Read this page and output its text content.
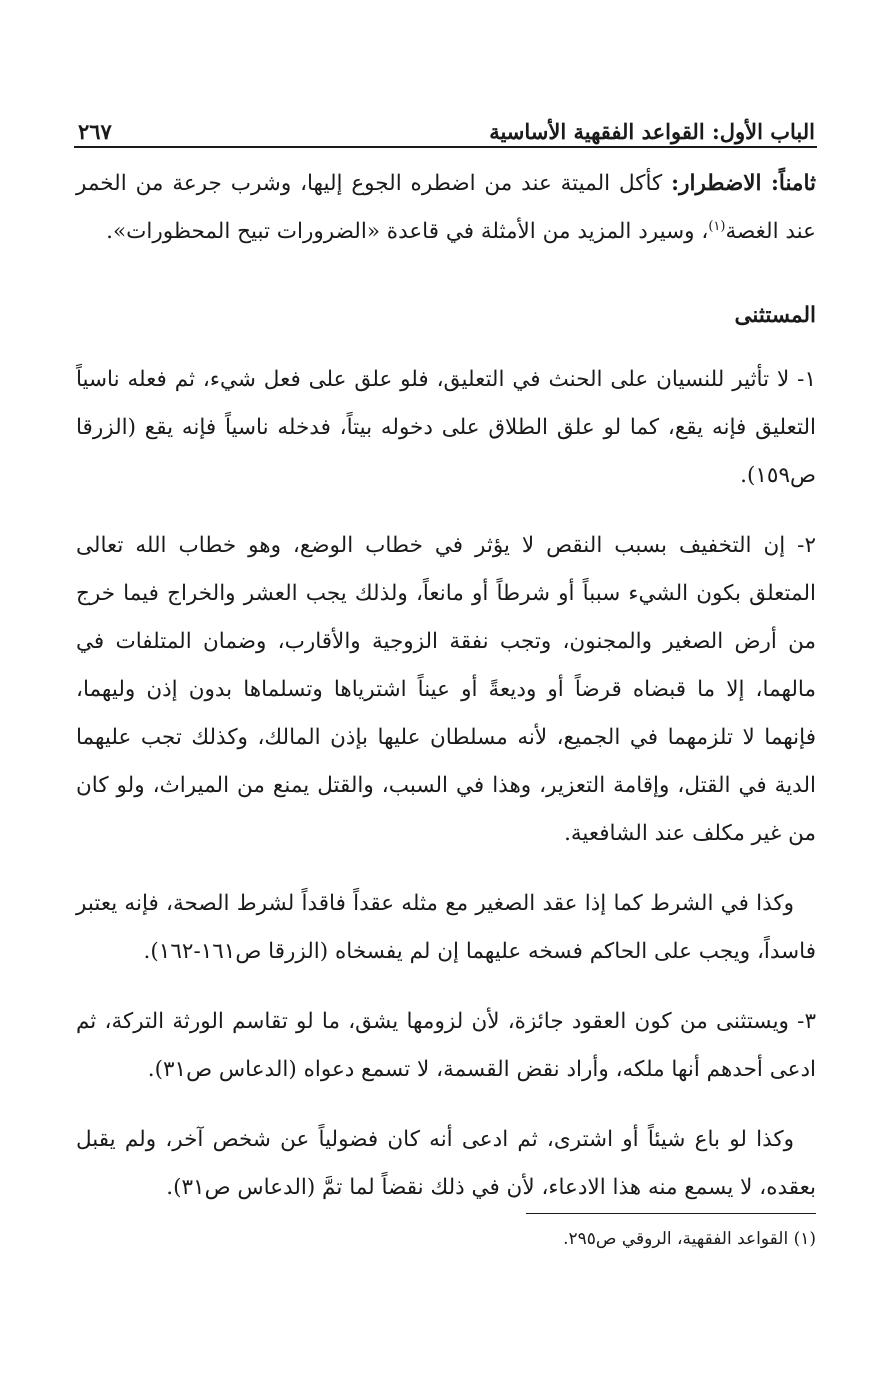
الباب الأول: القواعد الفقهية الأساسية
٢٦٧

ثامناً: الاضطرار: كأكل الميتة عند من اضطره الجوع إليها، وشرب جرعة من الخمر عند الغصة$^{(١)}$، وسيرد المزيد من الأمثلة في قاعدة «الضرورات تبيح المحظورات».

المستثنى

١- لا تأثير للنسيان على الحنث في التعليق، فلو علق على فعل شيء، ثم فعله ناسياً التعليق فإنه يقع، كما لو علق الطلاق على دخوله بيتاً، فدخله ناسياً فإنه يقع (الزرقا ص١٥٩).

٢- إن التخفيف بسبب النقص لا يؤثر في خطاب الوضع، وهو خطاب الله تعالى المتعلق بكون الشيء سبباً أو شرطاً أو مانعاً، ولذلك يجب العشر والخراج فيما خرج من أرض الصغير والمجنون، وتجب نفقة الزوجية والأقارب، وضمان المتلفات في مالهما، إلا ما قبضاه قرضاً أو وديعةً أو عيناً اشترياها وتسلماها بدون إذن وليهما، فإنهما لا تلزمهما في الجميع، لأنه مسلطان عليها بإذن المالك، وكذلك تجب عليهما الدية في القتل، وإقامة التعزير، وهذا في السبب، والقتل يمنع من الميراث، ولو كان من غير مكلف عند الشافعية.

وكذا في الشرط كما إذا عقد الصغير مع مثله عقداً فاقداً لشرط الصحة، فإنه يعتبر فاسداً، ويجب على الحاكم فسخه عليهما إن لم يفسخاه (الزرقا ص١٦١-١٦٢).

٣- ويستثنى من كون العقود جائزة، لأن لزومها يشق، ما لو تقاسم الورثة التركة، ثم ادعى أحدهم أنها ملكه، وأراد نقض القسمة، لا تسمع دعواه (الدعاس ص٣١).

وكذا لو باع شيئاً أو اشترى، ثم ادعى أنه كان فضولياً عن شخص آخر، ولم يقبل بعقده، لا يسمع منه هذا الادعاء، لأن في ذلك نقضاً لما تمَّ (الدعاس ص٣١).

(١) القواعد الفقهية، الروقي ص٢٩٥.
